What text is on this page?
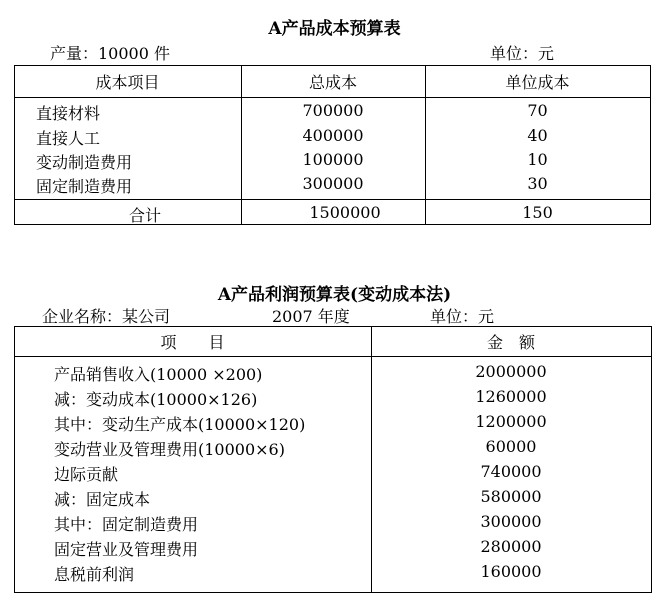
A产品成本预算表
产量：10000 件	单位：元
成本项目	总成本	单位成本
直接材料	700000	70
直接人工	400000	40
变动制造费用	100000	10
固定制造费用	300000	30
合计	1500000	150
A产品利润预算表(变动成本法)
企业名称：某公司	2007 年度	单位：元
项　　目	金　额
产品销售收入(10000 ×200)	2000000
减：变动成本(10000×126)	1260000
其中：变动生产成本(10000×120)	1200000
变动营业及管理费用(10000×6)	60000
边际贡献	740000
减：固定成本	580000
其中：固定制造费用	300000
固定营业及管理费用	280000
息税前利润	160000
